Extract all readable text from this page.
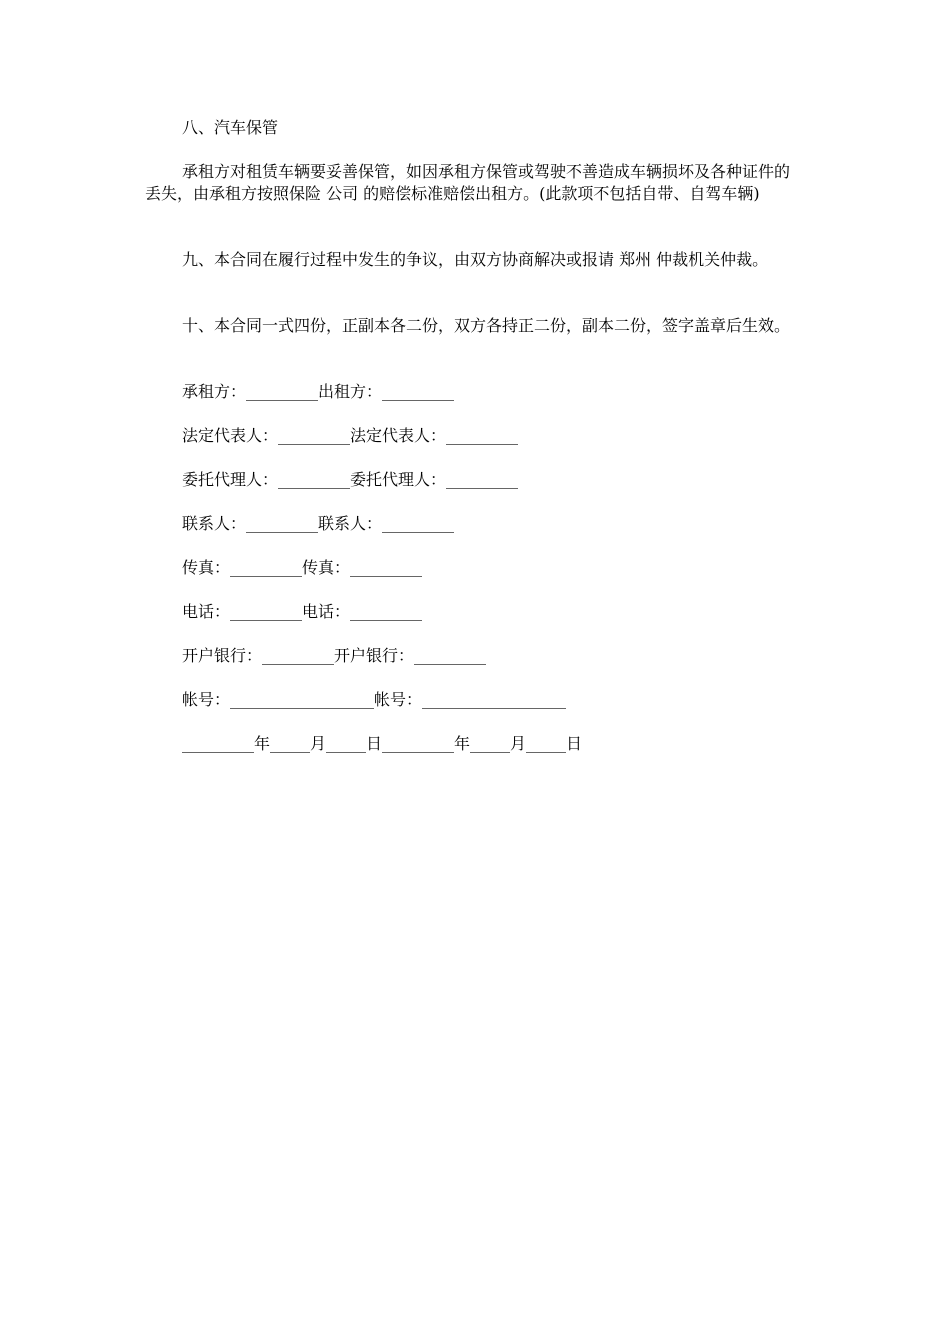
八、汽车保管

承租方对租赁车辆要妥善保管，如因承租方保管或驾驶不善造成车辆损坏及各种证件的丢失，由承租方按照保险 公司 的赔偿标准赔偿出租方。(此款项不包括自带、自驾车辆)

九、本合同在履行过程中发生的争议，由双方协商解决或报请 郑州 仲裁机关仲裁。

十、本合同一式四份，正副本各二份，双方各持正二份，副本二份，签字盖章后生效。

承租方：_________出租方：_________

法定代表人：_________法定代表人：_________

委托代理人：_________委托代理人：_________

联系人：_________联系人：_________

传真：_________传真：_________

电话：_________电话：_________

开户银行：_________开户银行：_________

帐号：__________________帐号：__________________

_________年_____月_____日_________年_____月_____日
